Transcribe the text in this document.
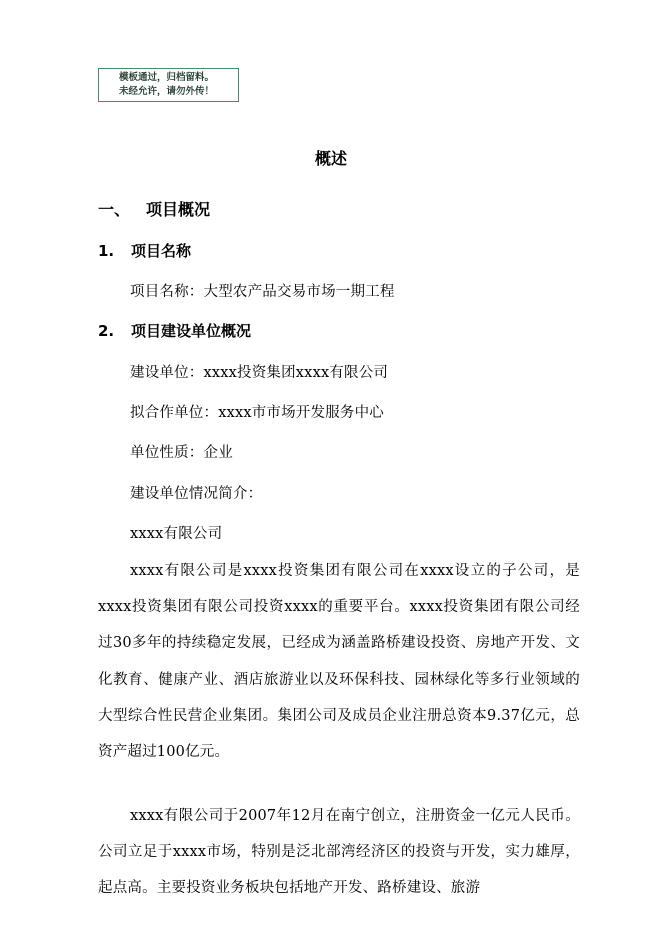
模板通过，归档留料。
未经允许，请勿外传！
概述
一、 项目概况
1. 项目名称
项目名称：大型农产品交易市场一期工程
2. 项目建设单位概况
建设单位：xxxx投资集团xxxx有限公司
拟合作单位：xxxx市市场开发服务中心
单位性质：企业
建设单位情况简介：
xxxx有限公司
xxxx有限公司是xxxx投资集团有限公司在xxxx设立的子公司，是xxxx投资集团有限公司投资xxxx的重要平台。xxxx投资集团有限公司经过30多年的持续稳定发展，已经成为涵盖路桥建设投资、房地产开发、文化教育、健康产业、酒店旅游业以及环保科技、园林绿化等多行业领域的大型综合性民营企业集团。集团公司及成员企业注册总资本9.37亿元，总资产超过100亿元。
xxxx有限公司于2007年12月在南宁创立，注册资金一亿元人民币。公司立足于xxxx市场，特别是泛北部湾经济区的投资与开发，实力雄厚，起点高。主要投资业务板块包括地产开发、路桥建设、旅游
